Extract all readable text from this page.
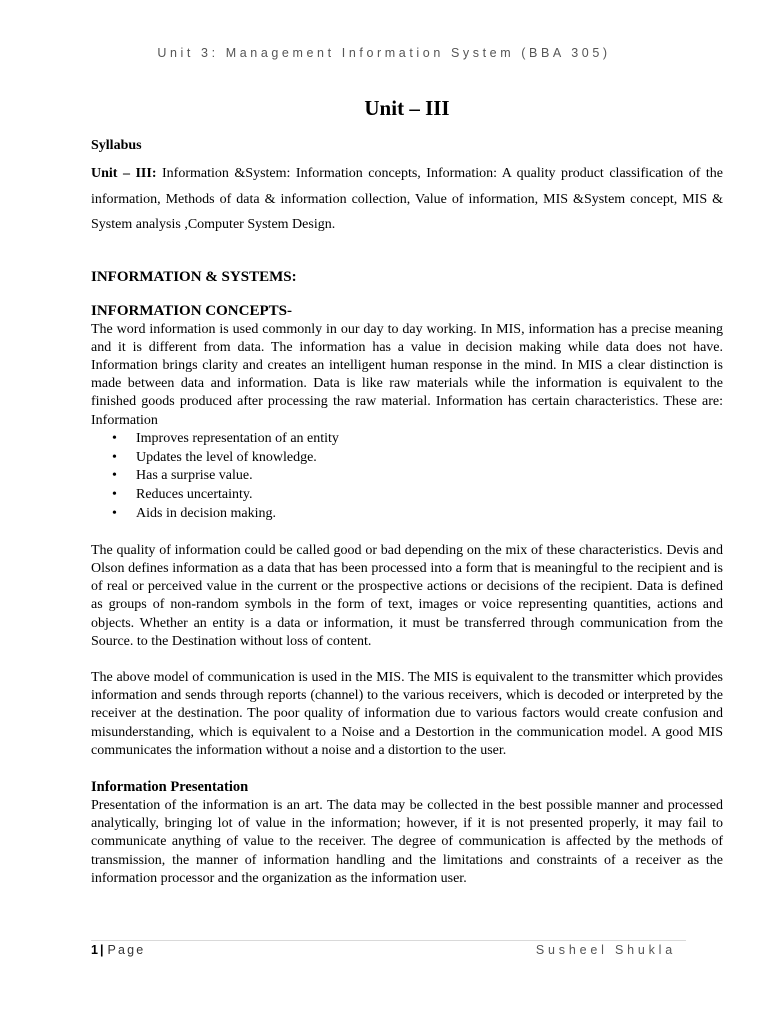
Unit 3: Management Information System (BBA 305)
Unit – III
Syllabus

Unit – III: Information &System: Information concepts, Information: A quality product classification of the information, Methods of data & information collection, Value of information, MIS &System concept, MIS & System analysis ,Computer System Design.

INFORMATION & SYSTEMS:
INFORMATION CONCEPTS-

The word information is used commonly in our day to day working. In MIS, information has a precise meaning and it is different from data. The information has a value in decision making while data does not have. Information brings clarity and creates an intelligent human response in the mind. In MIS a clear distinction is made between data and information. Data is like raw materials while the information is equivalent to the finished goods produced after processing the raw material. Information has certain characteristics. These are: Information

• Improves representation of an entity
• Updates the level of knowledge.
• Has a surprise value.
• Reduces uncertainty.
• Aids in decision making.

The quality of information could be called good or bad depending on the mix of these characteristics. Devis and Olson defines information as a data that has been processed into a form that is meaningful to the recipient and is of real or perceived value in the current or the prospective actions or decisions of the recipient. Data is defined as groups of non-random symbols in the form of text, images or voice representing quantities, actions and objects. Whether an entity is a data or information, it must be transferred through communication from the Source. to the Destination without loss of content.

The above model of communication is used in the MIS. The MIS is equivalent to the transmitter which provides information and sends through reports (channel) to the various receivers, which is decoded or interpreted by the receiver at the destination. The poor quality of information due to various factors would create confusion and misunderstanding, which is equivalent to a Noise and a Destortion in the communication model. A good MIS communicates the information without a noise and a distortion to the user.

Information Presentation

Presentation of the information is an art. The data may be collected in the best possible manner and processed analytically, bringing lot of value in the information; however, if it is not presented properly, it may fail to communicate anything of value to the receiver. The degree of communication is affected by the methods of transmission, the manner of information handling and the limitations and constraints of a receiver as the information processor and the organization as the information user.

1 | Page	Susheel Shukla
